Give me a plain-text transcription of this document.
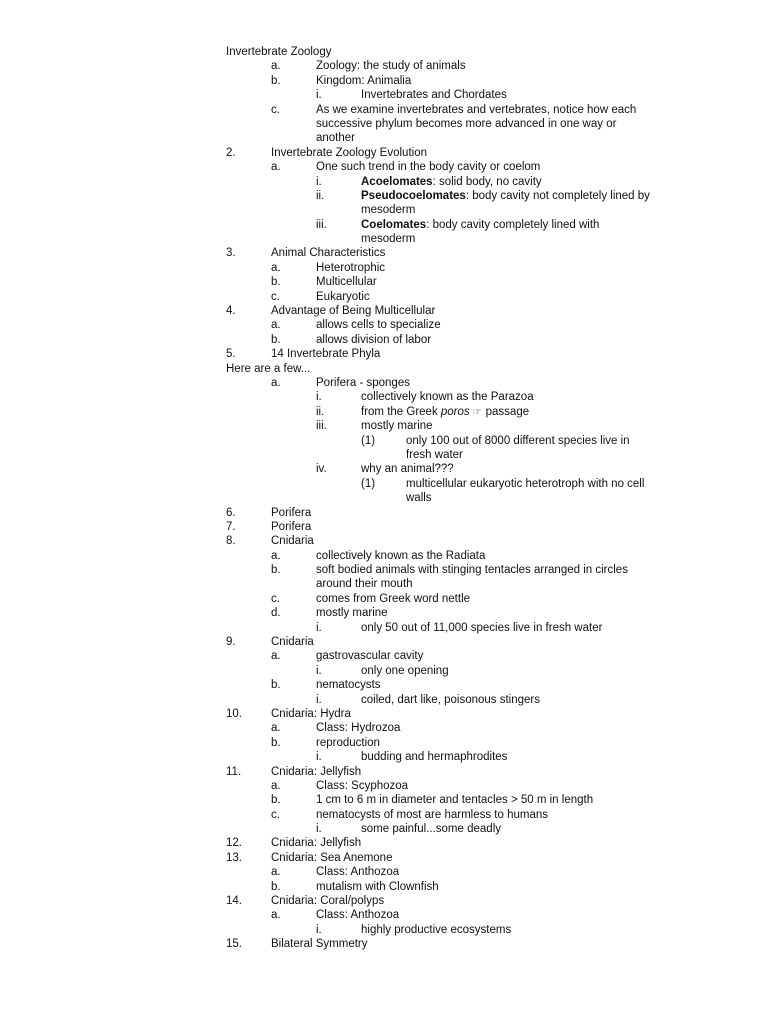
Invertebrate Zoology
a.	Zoology: the study of animals
b.	Kingdom: Animalia
i.	Invertebrates and Chordates
c.	As we examine invertebrates and vertebrates, notice how each
successive phylum becomes more advanced in one way or
another
2.	Invertebrate Zoology Evolution
a.	One such trend in the body cavity or coelom
i.	Acoelomates: solid body, no cavity
ii.	Pseudocoelomates: body cavity not completely lined by
mesoderm
iii.	Coelomates: body cavity completely lined with
mesoderm
3.	Animal Characteristics
a.	Heterotrophic
b.	Multicellular
c.	Eukaryotic
4.	Advantage of Being Multicellular
a.	allows cells to specialize
b.	allows division of labor
5.	14 Invertebrate Phyla
Here are a few...
a.	Porifera - sponges
i.	collectively known as the Parazoa
ii.	from the Greek poros ☞ passage
iii.	mostly marine
(1)	only 100 out of 8000 different species live in
fresh water
iv.	why an animal???
(1)	multicellular eukaryotic heterotroph with no cell
walls
6.	Porifera
7.	Porifera
8.	Cnidaria
a.	collectively known as the Radiata
b.	soft bodied animals with stinging tentacles arranged in circles
around their mouth
c.	comes from Greek word nettle
d.	mostly marine
i.	only 50 out of 11,000 species live in fresh water
9.	Cnidaria
a.	gastrovascular cavity
i.	only one opening
b.	nematocysts
i.	coiled, dart like, poisonous stingers
10.	Cnidaria: Hydra
a.	Class: Hydrozoa
b.	reproduction
i.	budding and hermaphrodites
11.	Cnidaria: Jellyfish
a.	Class: Scyphozoa
b.	1 cm to 6 m in diameter and tentacles > 50 m in length
c.	nematocysts of most are harmless to humans
i.	some painful...some deadly
12.	Cnidaria: Jellyfish
13.	Cnidaria: Sea Anemone
a.	Class: Anthozoa
b.	mutalism with Clownfish
14.	Cnidaria: Coral/polyps
a.	Class: Anthozoa
i.	highly productive ecosystems
15.	Bilateral Symmetry
